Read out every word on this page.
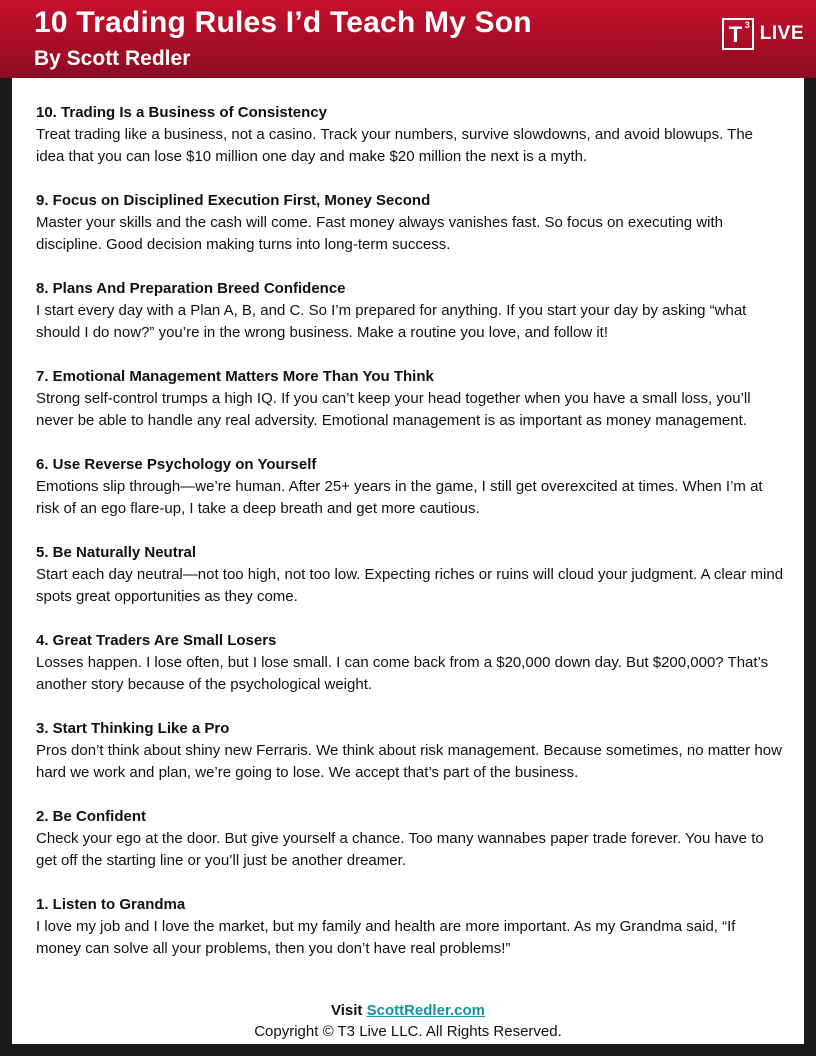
10 Trading Rules I’d Teach My Son
By Scott Redler
T 3 LIVE
10. Trading Is a Business of Consistency
Treat trading like a business, not a casino. Track your numbers, survive slowdowns, and avoid blowups. The idea that you can lose $10 million one day and make $20 million the next is a myth.
9. Focus on Disciplined Execution First, Money Second
Master your skills and the cash will come. Fast money always vanishes fast. So focus on executing with discipline. Good decision making turns into long-term success.
8. Plans And Preparation Breed Confidence
I start every day with a Plan A, B, and C. So I’m prepared for anything. If you start your day by asking “what should I do now?” you’re in the wrong business. Make a routine you love, and follow it!
7. Emotional Management Matters More Than You Think
Strong self-control trumps a high IQ. If you can’t keep your head together when you have a small loss, you’ll never be able to handle any real adversity. Emotional management is as important as money management.
6. Use Reverse Psychology on Yourself
Emotions slip through—we’re human. After 25+ years in the game, I still get overexcited at times. When I’m at risk of an ego flare-up, I take a deep breath and get more cautious.
5. Be Naturally Neutral
Start each day neutral—not too high, not too low. Expecting riches or ruins will cloud your judgment. A clear mind spots great opportunities as they come.
4. Great Traders Are Small Losers
Losses happen. I lose often, but I lose small. I can come back from a $20,000 down day. But $200,000? That’s another story because of the psychological weight.
3. Start Thinking Like a Pro
Pros don’t think about shiny new Ferraris. We think about risk management. Because sometimes, no matter how hard we work and plan, we’re going to lose. We accept that’s part of the business.
2. Be Confident
Check your ego at the door. But give yourself a chance. Too many wannabes paper trade forever. You have to get off the starting line or you’ll just be another dreamer.
1. Listen to Grandma
I love my job and I love the market, but my family and health are more important. As my Grandma said, “If money can solve all your problems, then you don’t have real problems!”
Visit ScottRedler.com
Copyright © T3 Live LLC. All Rights Reserved.
